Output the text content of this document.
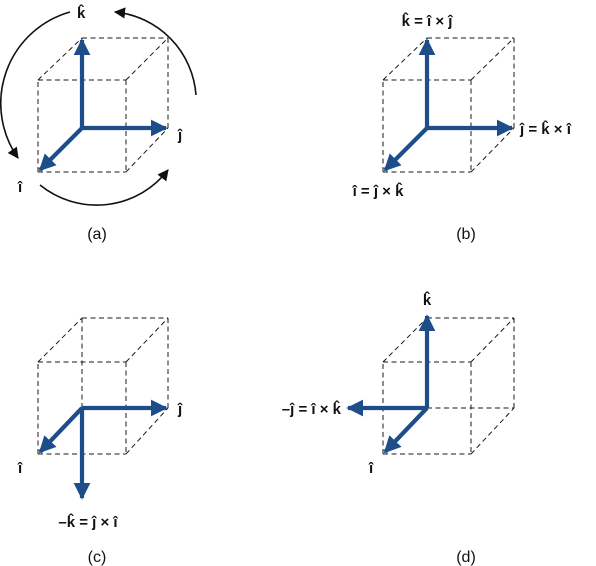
k̂
ĵ
î
(a)
k̂ = î × ĵ
ĵ = k̂ × î
î = ĵ × k̂
(b)
ĵ
î
–k̂ = ĵ × î
(c)
k̂
–ĵ = î × k̂
î
(d)
